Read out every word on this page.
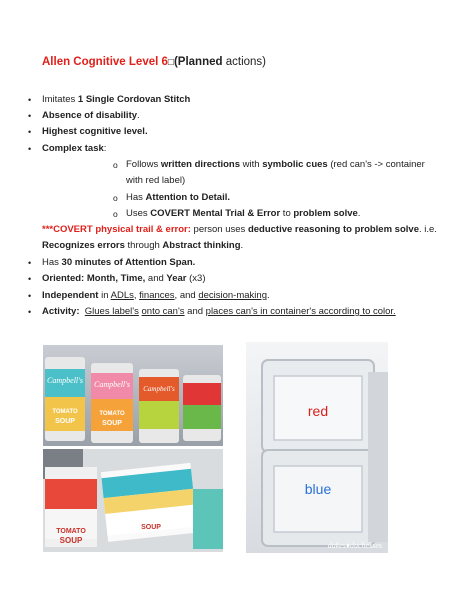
Allen Cognitive Level 6□(Planned actions)
• Imitates 1 Single Cordovan Stitch
• Absence of disability.
• Highest cognitive level.
• Complex task:
o Follows written directions with symbolic cues (red can's -> container
with red label)
o Has Attention to Detail.
o Uses COVERT Mental Trial & Error to problem solve.
***COVERT physical trail & error: person uses deductive reasoning to problem solve. i.e.
Recognizes errors through Abstract thinking.
• Has 30 minutes of Attention Span.
• Oriented: Month, Time, and Year (x3)
• Independent in ADLs, finances, and decision-making.
• Activity: Glues label's onto can's and places can's in container's according to color.
Campbell's Campbell's Campbell's
TOMATO
SOUP
TOMATO
SOUP
TOMATO
SOUP
SOUP
red
blue
dukes♦duchesses
